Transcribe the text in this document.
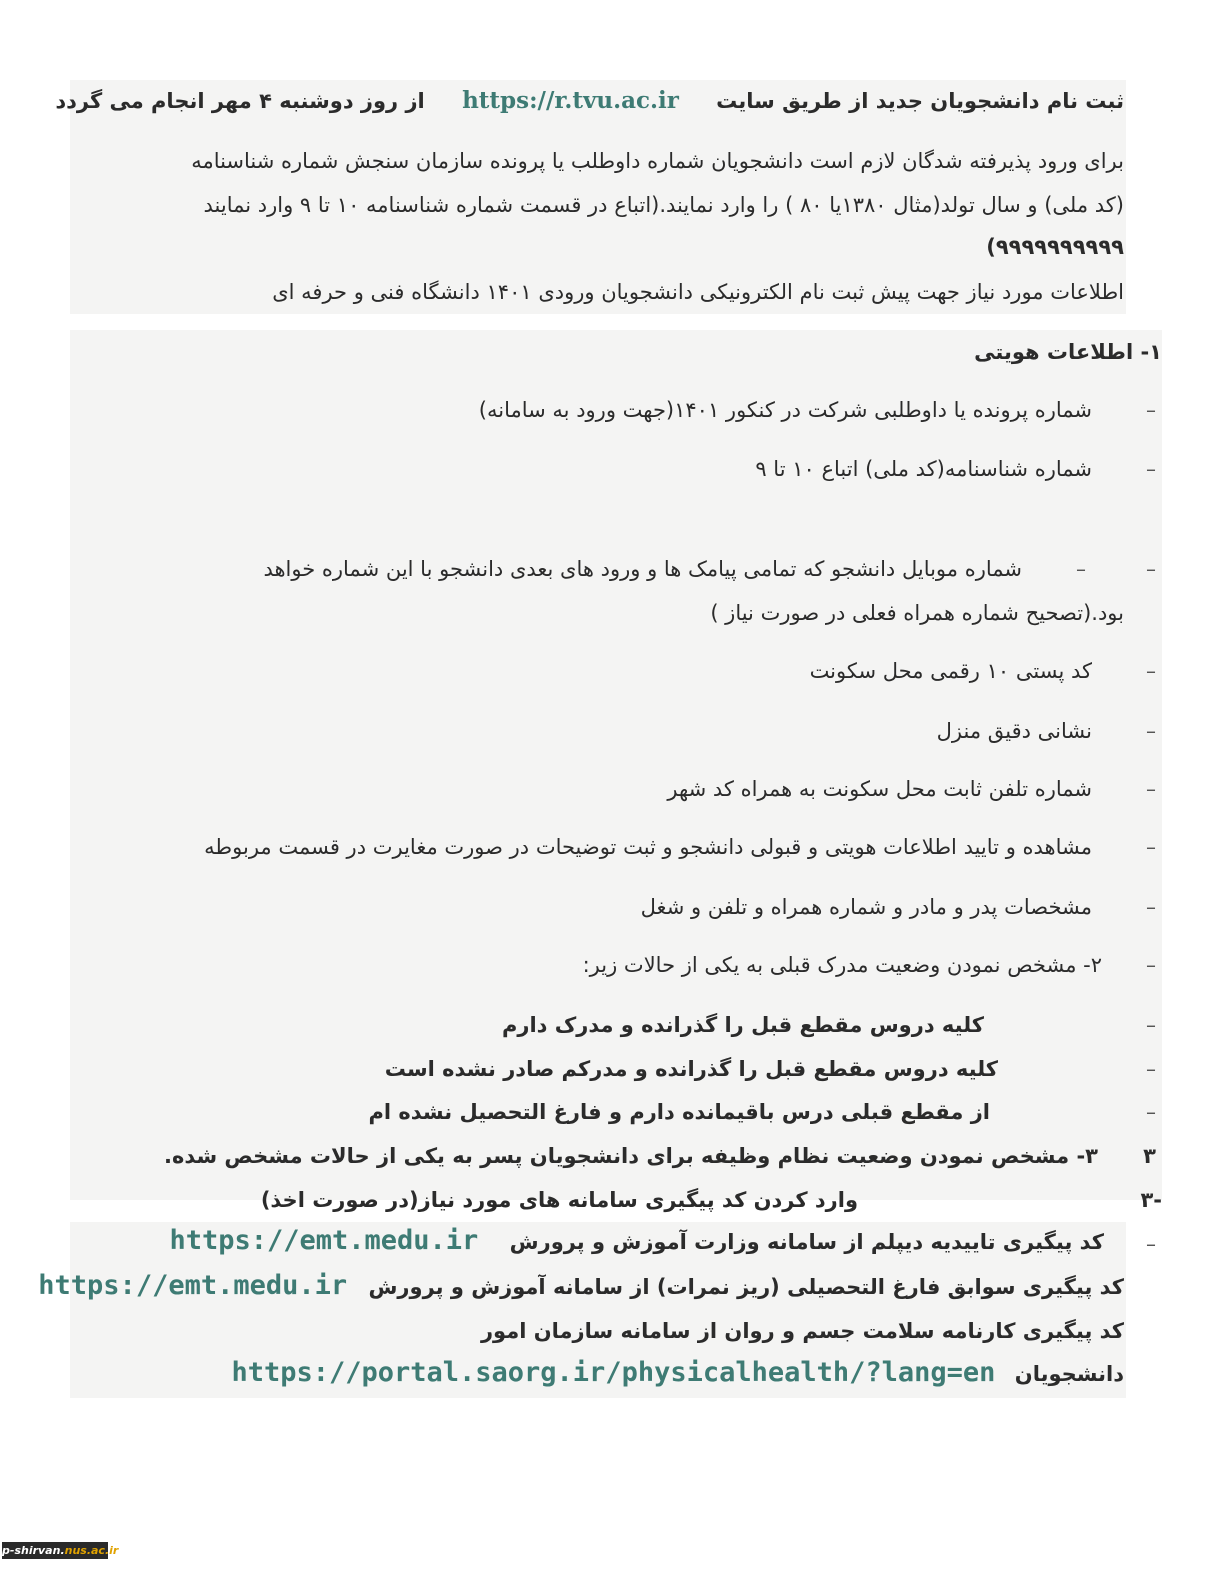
ثبت نام دانشجویان جدید از طریق سایت https://r.tvu.ac.ir از روز دوشنبه ۴ مهر انجام می گردد
برای ورود پذیرفته شدگان لازم است دانشجویان شماره داوطلب یا پرونده سازمان سنجش شماره شناسنامه
(کد ملی) و سال تولد(مثال ۱۳۸۰یا ۸۰ ) را وارد نمایند.(اتباع در قسمت شماره شناسنامه ۱۰ تا ۹ وارد نمایند
۹۹۹۹۹۹۹۹۹۹)
اطلاعات مورد نیاز جهت پیش ثبت نام الکترونیکی دانشجویان ورودی ۱۴۰۱ دانشگاه فنی و حرفه ای
۱- اطلاعات هویتی
–
شماره پرونده یا داوطلبی شرکت در کنکور ۱۴۰۱(جهت ورود به سامانه)
–
شماره شناسنامه(کد ملی) اتباع ۱۰ تا ۹
–
–
شماره موبایل دانشجو که تمامی پیامک ها و ورود های بعدی دانشجو با این شماره خواهد
بود.(تصحیح شماره همراه فعلی در صورت نیاز )
–
کد پستی ۱۰ رقمی محل سکونت
–
نشانی دقیق منزل
–
شماره تلفن ثابت محل سکونت به همراه کد شهر
–
مشاهده و تایید اطلاعات هویتی و قبولی دانشجو و ثبت توضیحات در صورت مغایرت در قسمت مربوطه
–
مشخصات پدر و مادر و شماره همراه و تلفن و شغل
–
۲- مشخص نمودن وضعیت مدرک قبلی به یکی از حالات زیر:
–
کلیه دروس مقطع قبل را گذرانده و مدرک دارم
–
کلیه دروس مقطع قبل را گذرانده و مدرکم صادر نشده است
–
از مقطع قبلی درس باقیمانده دارم و فارغ التحصیل نشده ام
۳
۳- مشخص نمودن وضعیت نظام وظیفه برای دانشجویان پسر به یکی از حالات مشخص شده.
-۳
وارد کردن کد پیگیری سامانه های مورد نیاز(در صورت اخذ)
–
کد پیگیری تاییدیه دیپلم از سامانه وزارت آموزش و پرورش https://emt.medu.ir
کد پیگیری سوابق فارغ التحصیلی (ریز نمرات) از سامانه آموزش و پرورش https://emt.medu.ir
کد پیگیری کارنامه سلامت جسم و روان از سامانه سازمان امور
دانشجویان https://portal.saorg.ir/physicalhealth/?lang=en
p-shirvan.nus.ac.ir
